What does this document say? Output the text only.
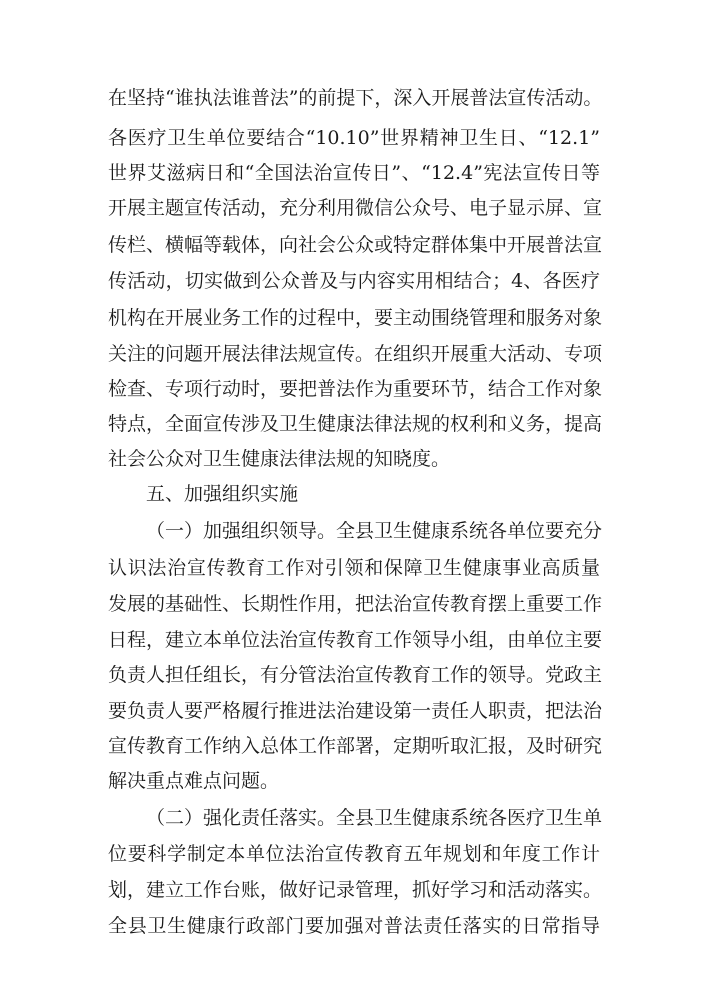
在坚持“谁执法谁普法”的前提下，深入开展普法宣传活动。
各医疗卫生单位要结合“10.10”世界精神卫生日、“12.1”
世界艾滋病日和“全国法治宣传日”、“12.4”宪法宣传日等
开展主题宣传活动，充分利用微信公众号、电子显示屏、宣
传栏、横幅等载体，向社会公众或特定群体集中开展普法宣
传活动，切实做到公众普及与内容实用相结合；4、各医疗
机构在开展业务工作的过程中，要主动围绕管理和服务对象
关注的问题开展法律法规宣传。在组织开展重大活动、专项
检查、专项行动时，要把普法作为重要环节，结合工作对象
特点，全面宣传涉及卫生健康法律法规的权利和义务，提高
社会公众对卫生健康法律法规的知晓度。
五、加强组织实施
（一）加强组织领导。全县卫生健康系统各单位要充分
认识法治宣传教育工作对引领和保障卫生健康事业高质量
发展的基础性、长期性作用，把法治宣传教育摆上重要工作
日程，建立本单位法治宣传教育工作领导小组，由单位主要
负责人担任组长，有分管法治宣传教育工作的领导。党政主
要负责人要严格履行推进法治建设第一责任人职责，把法治
宣传教育工作纳入总体工作部署，定期听取汇报，及时研究
解决重点难点问题。
（二）强化责任落实。全县卫生健康系统各医疗卫生单
位要科学制定本单位法治宣传教育五年规划和年度工作计
划，建立工作台账，做好记录管理，抓好学习和活动落实。
全县卫生健康行政部门要加强对普法责任落实的日常指导
